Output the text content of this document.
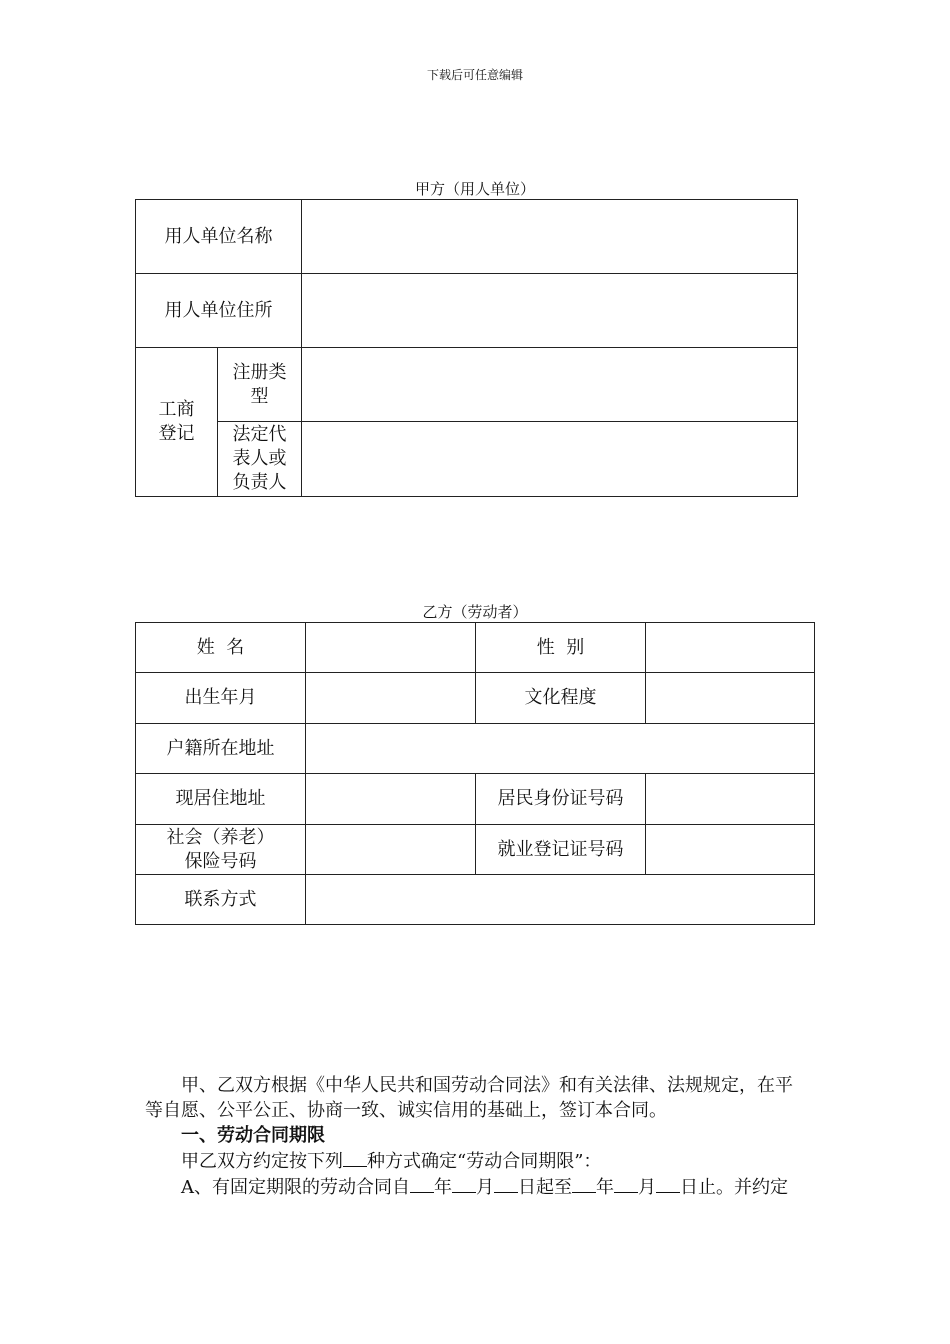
下载后可任意编辑
甲方（用人单位）
用人单位名称		
用人单位住所		
工商登记	注册类型	
	法定代表人或负责人	
乙方（劳动者）
姓  名		性  别	
出生年月		文化程度	
户籍所在地址			
现居住地址		居民身份证号码	
社会（养老）保险号码		就业登记证号码	
联系方式			

甲、乙双方根据《中华人民共和国劳动合同法》和有关法律、法规规定，在平等自愿、公平公正、协商一致、诚实信用的基础上，签订本合同。

一、劳动合同期限

甲乙双方约定按下列 种方式确定“劳动合同期限”：

A、有固定期限的劳动合同自 年 月 日起至 年 月 日止。并约定
